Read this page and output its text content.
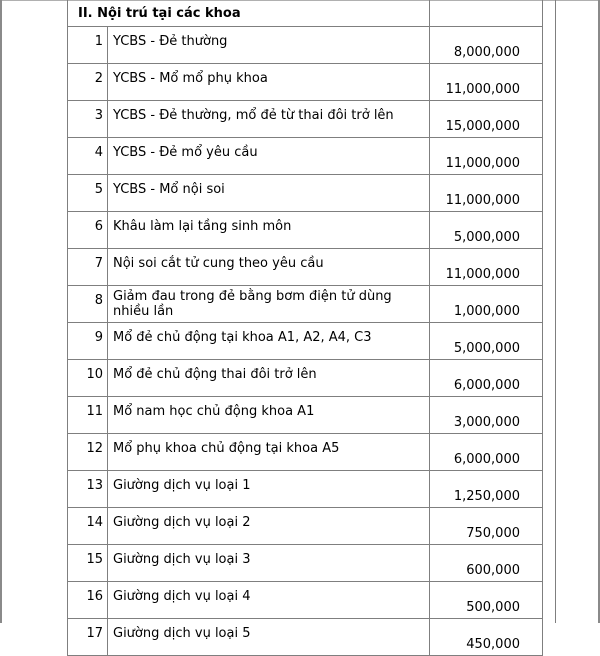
II. Nội trú tại các khoa		
1	YCBS - Đẻ thường	8,000,000
2	YCBS - Mổ mổ phụ khoa	11,000,000
3	YCBS - Đẻ thường, mổ đẻ từ thai đôi trở lên	15,000,000
4	YCBS - Đẻ mổ yêu cầu	11,000,000
5	YCBS - Mổ nội soi	11,000,000
6	Khâu làm lại tầng sinh môn	5,000,000
7	Nội soi cắt tử cung theo yêu cầu	11,000,000
8	Giảm đau trong đẻ bằng bơm điện tử dùng nhiều lần	1,000,000
9	Mổ đẻ chủ động tại khoa A1, A2, A4, C3	5,000,000
10	Mổ đẻ chủ động thai đôi trở lên	6,000,000
11	Mổ nam học chủ động khoa A1	3,000,000
12	Mổ phụ khoa chủ động tại khoa A5	6,000,000
13	Giường dịch vụ loại 1	1,250,000
14	Giường dịch vụ loại 2	750,000
15	Giường dịch vụ loại 3	600,000
16	Giường dịch vụ loại 4	500,000
17	Giường dịch vụ loại 5	450,000
